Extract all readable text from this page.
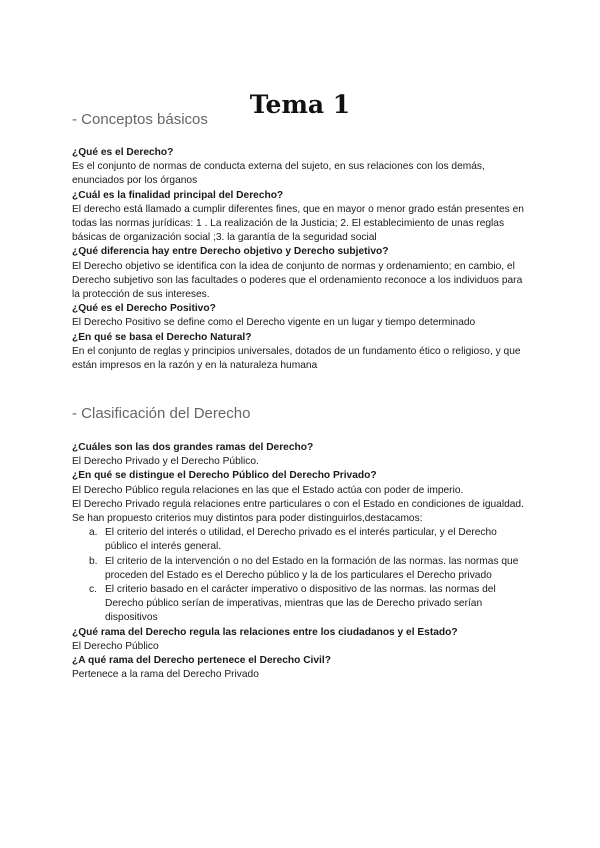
Tema 1
- Conceptos básicos
¿Qué es el Derecho?
Es el conjunto de normas de conducta externa del sujeto, en sus relaciones con los demás, enunciados por los órganos
¿Cuál es la finalidad principal del Derecho?
El derecho está llamado a cumplir diferentes fines, que en mayor o menor grado están presentes en todas las normas jurídicas: 1 . La realización de la Justicia; 2. El establecimiento de unas reglas básicas de organización social ;3. la garantía de la seguridad social
¿Qué diferencia hay entre Derecho objetivo y Derecho subjetivo?
El Derecho objetivo se identifica con la idea de conjunto de normas y ordenamiento; en cambio, el Derecho subjetivo son las facultades o poderes que el ordenamiento reconoce a los individuos para la protección de sus intereses.
¿Qué es el Derecho Positivo?
El Derecho Positivo se define como el Derecho vigente en un lugar y tiempo determinado
¿En qué se basa el Derecho Natural?
En el conjunto de reglas y principios universales, dotados de un fundamento ético o religioso, y que están impresos en la razón y en la naturaleza humana
- Clasificación del Derecho
¿Cuáles son las dos grandes ramas del Derecho?
El Derecho Privado y el Derecho Público.
¿En qué se distingue el Derecho Público del Derecho Privado?
El Derecho Público regula relaciones en las que el Estado actúa con poder de imperio.
El Derecho Privado regula relaciones entre particulares o con el Estado en condiciones de igualdad.
Se han propuesto criterios muy distintos para poder distinguirlos,destacamos:
a. El criterio del interés o utilidad, el Derecho privado es el interés particular, y el Derecho público el interés general.
b. El criterio de la intervención o no del Estado en la formación de las normas. las normas que proceden del Estado es el Derecho público y la de los particulares el Derecho privado
c. El criterio basado en el carácter imperativo o dispositivo de las normas. las normas del Derecho público serían de imperativas, mientras que las de Derecho privado serían dispositivos
¿Qué rama del Derecho regula las relaciones entre los ciudadanos y el Estado?
El Derecho Público
¿A qué rama del Derecho pertenece el Derecho Civil?
Pertenece a la rama del Derecho Privado
